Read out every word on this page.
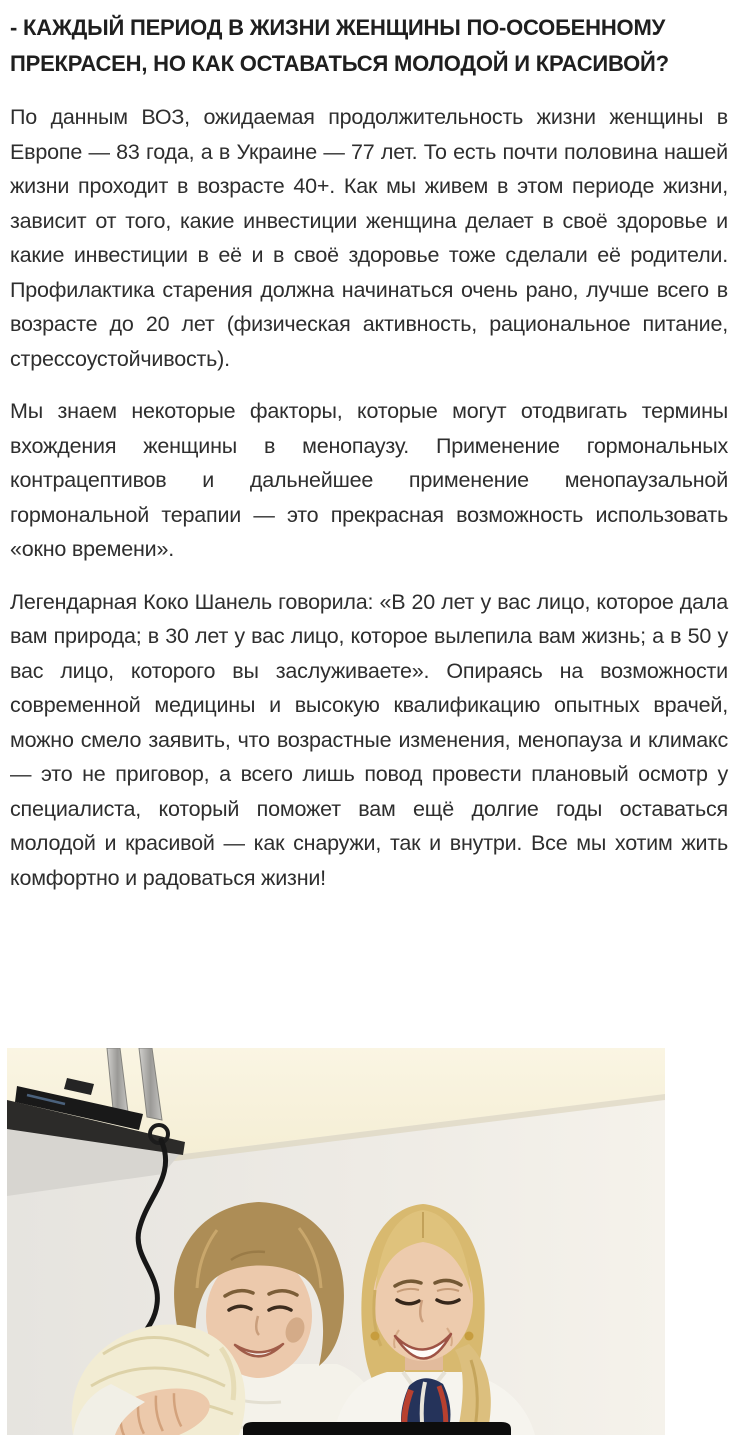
- КАЖДЫЙ ПЕРИОД В ЖИЗНИ ЖЕНЩИНЫ ПО-ОСОБЕННОМУ ПРЕКРАСЕН, НО КАК ОСТАВАТЬСЯ МОЛОДОЙ И КРАСИВОЙ?

По данным ВОЗ, ожидаемая продолжительность жизни женщины в Европе — 83 года, а в Украине — 77 лет. То есть почти половина нашей жизни проходит в возрасте 40+. Как мы живем в этом периоде жизни, зависит от того, какие инвестиции женщина делает в своё здоровье и какие инвестиции в её и в своё здоровье тоже сделали её родители. Профилактика старения должна начинаться очень рано, лучше всего в возрасте до 20 лет (физическая активность, рациональное питание, стрессоустойчивость).

Мы знаем некоторые факторы, которые могут отодвигать термины вхождения женщины в менопаузу. Применение гормональных контрацептивов и дальнейшее применение менопаузальной гормональной терапии — это прекрасная возможность использовать «окно времени».

Легендарная Коко Шанель говорила: «В 20 лет у вас лицо, которое дала вам природа; в 30 лет у вас лицо, которое вылепила вам жизнь; а в 50 у вас лицо, которого вы заслуживаете». Опираясь на возможности современной медицины и высокую квалификацию опытных врачей, можно смело заявить, что возрастные изменения, менопауза и климакс — это не приговор, а всего лишь повод провести плановый осмотр у специалиста, который поможет вам ещё долгие годы оставаться молодой и красивой — как снаружи, так и внутри. Все мы хотим жить комфортно и радоваться жизни!
